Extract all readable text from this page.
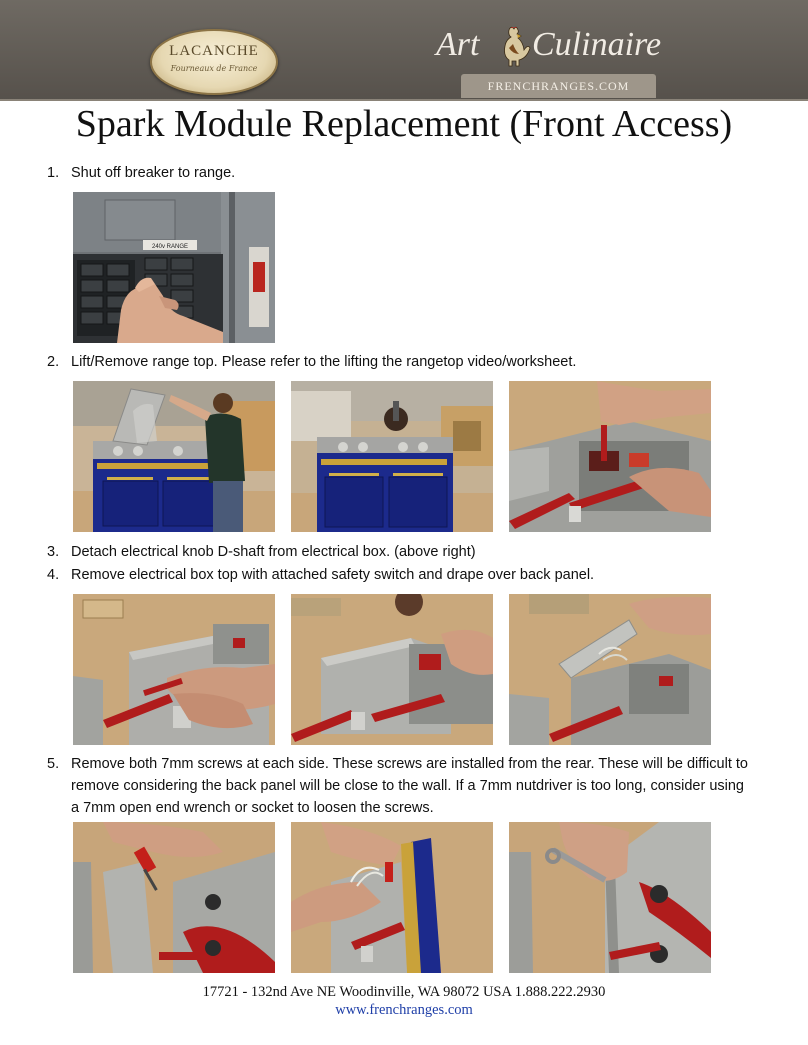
LACANCHE
Fourneaux de France
Art Culinaire
FRENCHRANGES.COM
Spark Module Replacement (Front Access)
1. Shut off breaker to range.
240v RANGE
2. Lift/Remove range top. Please refer to the lifting the rangetop video/worksheet.
3. Detach electrical knob D-shaft from electrical box. (above right)
4. Remove electrical box top with attached safety switch and drape over back panel.
5. Remove both 7mm screws at each side. These screws are installed from the rear. These will be difficult to
remove considering the back panel will be close to the wall. If a 7mm nutdriver is too long, consider using
a 7mm open end wrench or socket to loosen the screws.
17721 - 132nd Ave NE Woodinville, WA 98072 USA 1.888.222.2930
www.frenchranges.com
